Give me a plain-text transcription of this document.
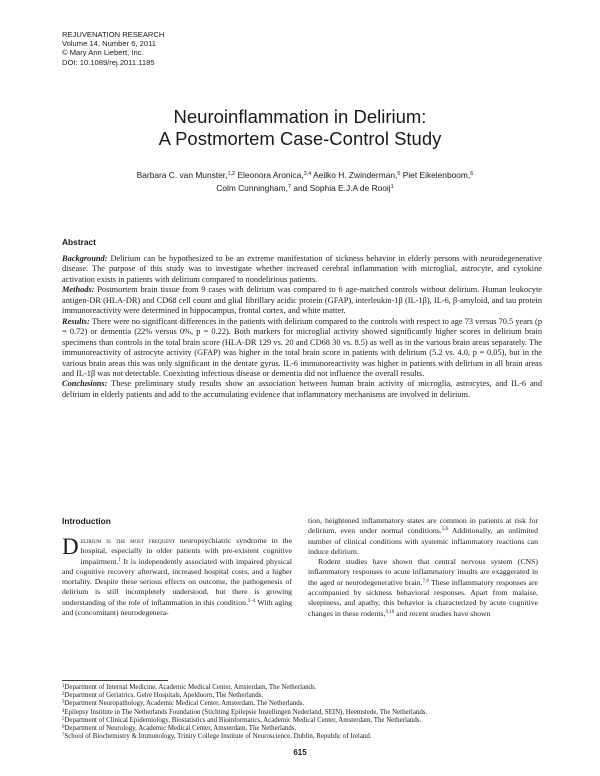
REJUVENATION RESEARCH
Volume 14, Number 6, 2011
© Mary Ann Liebert, Inc.
DOI: 10.1089/rej.2011.1185
Neuroinflammation in Delirium:
A Postmortem Case-Control Study
Barbara C. van Munster,$^{1,2}$ Eleonora Aronica,$^{3,4}$ Aeilko H. Zwinderman,$^5$ Piet Eikelenboom,$^6$
Colm Cunningham,$^7$ and Sophia E.J.A de Rooij$^1$
Abstract

Background: Delirium can be hypothesized to be an extreme manifestation of sickness behavior in elderly persons with neurodegenerative disease. The purpose of this study was to investigate whether increased cerebral inflammation with microglial, astrocyte, and cytokine activation exists in patients with delirium compared to nondelirious patients.

Methods: Postmortem brain tissue from 9 cases with delirium was compared to 6 age-matched controls without delirium. Human leukocyte antigen-DR (HLA-DR) and CD68 cell count and glial fibrillary acidic protein (GFAP), interleukin-1β (IL-1β), IL-6, β-amyloid, and tau protein immunoreactivity were determined in hippocampus, frontal cortex, and white matter.

Results: There were no significant differences in the patients with delirium compared to the controls with respect to age 73 versus 70.5 years (p = 0.72) or dementia (22% versus 0%, p = 0.22). Both markers for microglial activity showed significantly higher scores in delirium brain specimens than controls in the total brain score (HLA-DR 129 vs. 20 and CD68 30 vs. 8.5) as well as in the various brain areas separately. The immunoreactivity of astrocyte activity (GFAP) was higher in the total brain score in patients with delirium (5.2 vs. 4.0, p = 0.05), but in the various brain areas this was only significant in the dentate gyrus. IL-6 immunoreactivity was higher in patients with delirium in all brain areas and IL-1β was not detectable. Coexisting infectious disease or dementia did not influence the overall results.

Conclusions: These preliminary study results show an association between human brain activity of microglia, astrocytes, and IL-6 and delirium in elderly patients and add to the accumulating evidence that inflammatory mechanisms are involved in delirium.

Introduction

Delirium is the most frequent neuropsychiatric syndrome in the hospital, especially in older patients with pre-existent cognitive impairment.$^1$ It is independently associated with impaired physical and cognitive recovery afterward, increased hospital costs, and a higher mortality. Despite these serious effects on outcome, the pathogenesis of delirium is still incompletely understood, but there is growing understanding of the role of inflammation in this condition.$^{2-4}$ With aging and (concomitant) neurodegenera-

tion, heightened inflammatory states are common in patients at risk for delirium, even under normal conditions.$^{5,6}$ Additionally, an unlimited number of clinical conditions with systemic inflammatory reactions can induce delirium.

Rodent studies have shown that central nervous system (CNS) inflammatory responses to acute inflammatory insults are exaggerated in the aged or neurodegenerative brain.$^{7,8}$ These inflammatory responses are accompanied by sickness behavioral responses. Apart from malaise, sleepiness, and apathy, this behavior is characterized by acute cognitive changes in these rodents,$^{9,10}$ and recent studies have shown

$^1$Department of Internal Medicine, Academic Medical Center, Amsterdam, The Netherlands.
$^2$Department of Geriatrics, Gelre Hospitals, Apeldoorn, The Netherlands.
$^3$Department Neuropathology, Academic Medical Center, Amsterdam, The Netherlands.
$^4$Epilepsy Institute in The Netherlands Foundation (Stichting Epilepsie Instellingen Nederland, SEIN), Heemstede, The Netherlands.
$^5$Department of Clinical Epidemiology, Biostatistics and Bioinformatics, Academic Medical Center, Amsterdam, The Netherlands.
$^6$Department of Neurology, Academic Medical Center, Amsterdam, The Netherlands.
$^7$School of Biochemistry & Immunology, Trinity College Institute of Neuroscience, Dublin, Republic of Ireland.
615
